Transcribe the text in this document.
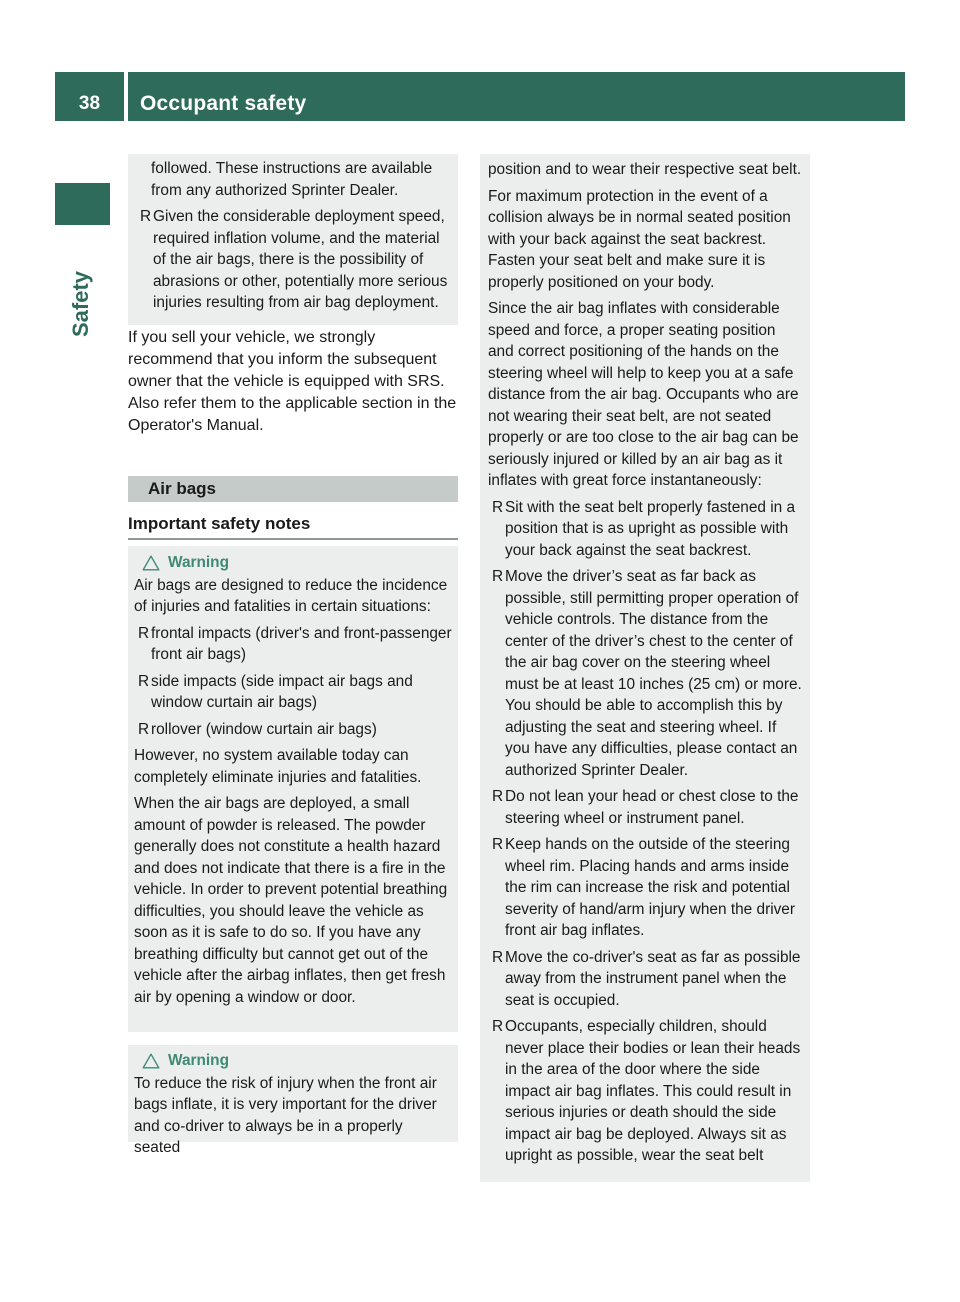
38	Occupant safety
Safety
followed. These instructions are available
from any authorized Sprinter Dealer.
R Given the considerable deployment speed, required inflation volume, and the material of the air bags, there is the possibility of abrasions or other, potentially more serious injuries resulting from air bag deployment.
If you sell your vehicle, we strongly recommend that you inform the subsequent owner that the vehicle is equipped with SRS. Also refer them to the applicable section in the Operator's Manual.
Air bags
Important safety notes
Warning

Air bags are designed to reduce the incidence of injuries and fatalities in certain situations:

R frontal impacts (driver's and front-passenger front air bags)
R side impacts (side impact air bags and window curtain air bags)
R rollover (window curtain air bags)

However, no system available today can completely eliminate injuries and fatalities.

When the air bags are deployed, a small amount of powder is released. The powder generally does not constitute a health hazard and does not indicate that there is a fire in the vehicle. In order to prevent potential breathing difficulties, you should leave the vehicle as soon as it is safe to do so. If you have any breathing difficulty but cannot get out of the vehicle after the airbag inflates, then get fresh air by opening a window or door.

Warning

To reduce the risk of injury when the front air bags inflate, it is very important for the driver and co-driver to always be in a properly seated

position and to wear their respective seat belt.

For maximum protection in the event of a collision always be in normal seated position with your back against the seat backrest. Fasten your seat belt and make sure it is properly positioned on your body.

Since the air bag inflates with considerable speed and force, a proper seating position and correct positioning of the hands on the steering wheel will help to keep you at a safe distance from the air bag. Occupants who are not wearing their seat belt, are not seated properly or are too close to the air bag can be seriously injured or killed by an air bag as it inflates with great force instantaneously:

R Sit with the seat belt properly fastened in a position that is as upright as possible with your back against the seat backrest.
R Move the driver’s seat as far back as possible, still permitting proper operation of vehicle controls. The distance from the center of the driver’s chest to the center of the air bag cover on the steering wheel must be at least 10 inches (25 cm) or more. You should be able to accomplish this by adjusting the seat and steering wheel. If you have any difficulties, please contact an authorized Sprinter Dealer.
R Do not lean your head or chest close to the steering wheel or instrument panel.
R Keep hands on the outside of the steering wheel rim. Placing hands and arms inside the rim can increase the risk and potential severity of hand/arm injury when the driver front air bag inflates.
R Move the co-driver's seat as far as possible away from the instrument panel when the seat is occupied.
R Occupants, especially children, should never place their bodies or lean their heads in the area of the door where the side impact air bag inflates. This could result in serious injuries or death should the side impact air bag be deployed. Always sit as upright as possible, wear the seat belt
